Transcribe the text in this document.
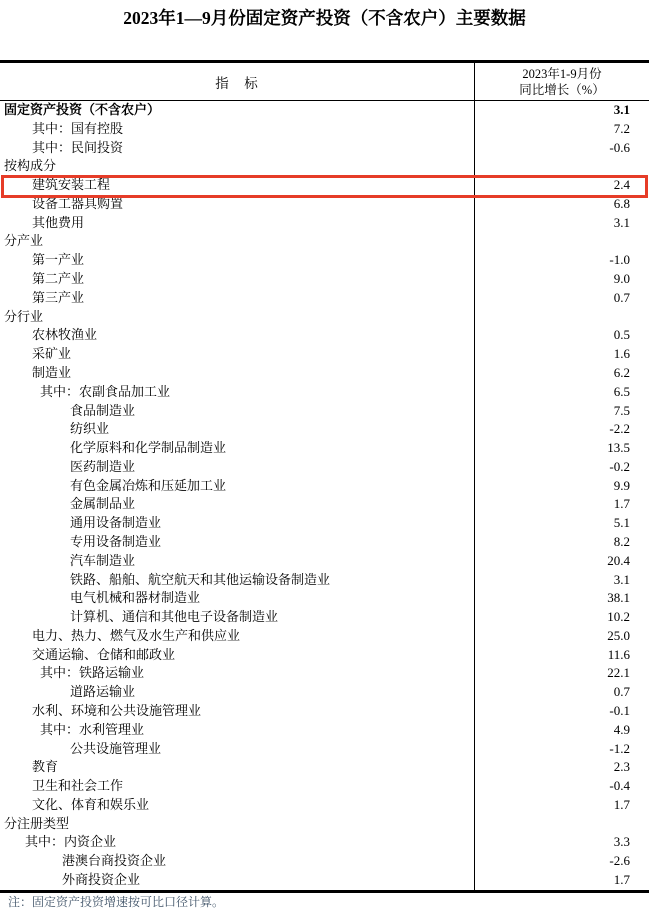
2023年1—9月份固定资产投资（不含农户）主要数据
指　标
2023年1-9月份
同比增长（%）
固定资产投资（不含农户）	3.1
其中：国有控股	7.2
其中：民间投资	-0.6
按构成分
建筑安装工程	2.4
设备工器具购置	6.8
其他费用	3.1
分产业
第一产业	-1.0
第二产业	9.0
第三产业	0.7
分行业
农林牧渔业	0.5
采矿业	1.6
制造业	6.2
其中：农副食品加工业	6.5
食品制造业	7.5
纺织业	-2.2
化学原料和化学制品制造业	13.5
医药制造业	-0.2
有色金属冶炼和压延加工业	9.9
金属制品业	1.7
通用设备制造业	5.1
专用设备制造业	8.2
汽车制造业	20.4
铁路、船舶、航空航天和其他运输设备制造业	3.1
电气机械和器材制造业	38.1
计算机、通信和其他电子设备制造业	10.2
电力、热力、燃气及水生产和供应业	25.0
交通运输、仓储和邮政业	11.6
其中：铁路运输业	22.1
道路运输业	0.7
水利、环境和公共设施管理业	-0.1
其中：水利管理业	4.9
公共设施管理业	-1.2
教育	2.3
卫生和社会工作	-0.4
文化、体育和娱乐业	1.7
分注册类型
其中：内资企业	3.3
港澳台商投资企业	-2.6
外商投资企业	1.7
注：固定资产投资增速按可比口径计算。
